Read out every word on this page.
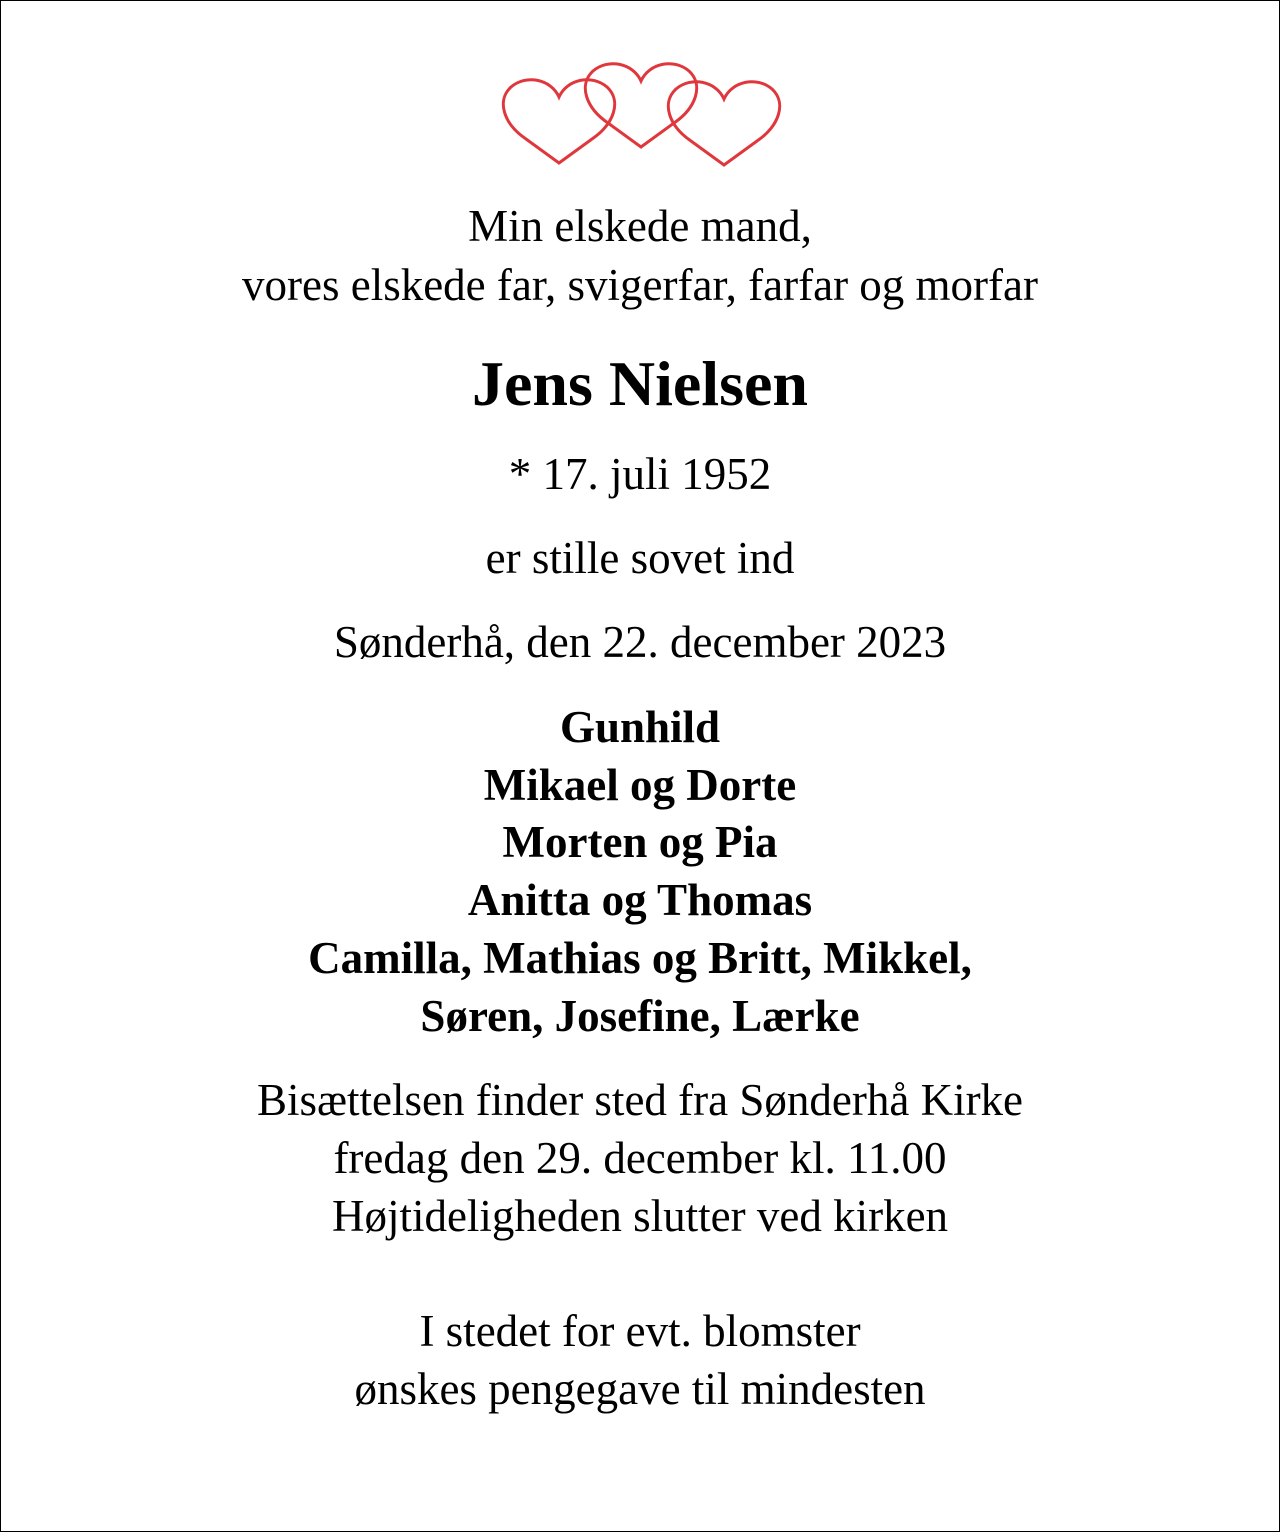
Min elskede mand,
vores elskede far, svigerfar, farfar og morfar
Jens Nielsen
* 17. juli 1952
er stille sovet ind
Sønderhå, den 22. december 2023
Gunhild
Mikael og Dorte
Morten og Pia
Anitta og Thomas
Camilla, Mathias og Britt, Mikkel,
Søren, Josefine, Lærke
Bisættelsen finder sted fra Sønderhå Kirke
fredag den 29. december kl. 11.00
Højtideligheden slutter ved kirken
I stedet for evt. blomster
ønskes pengegave til mindesten
